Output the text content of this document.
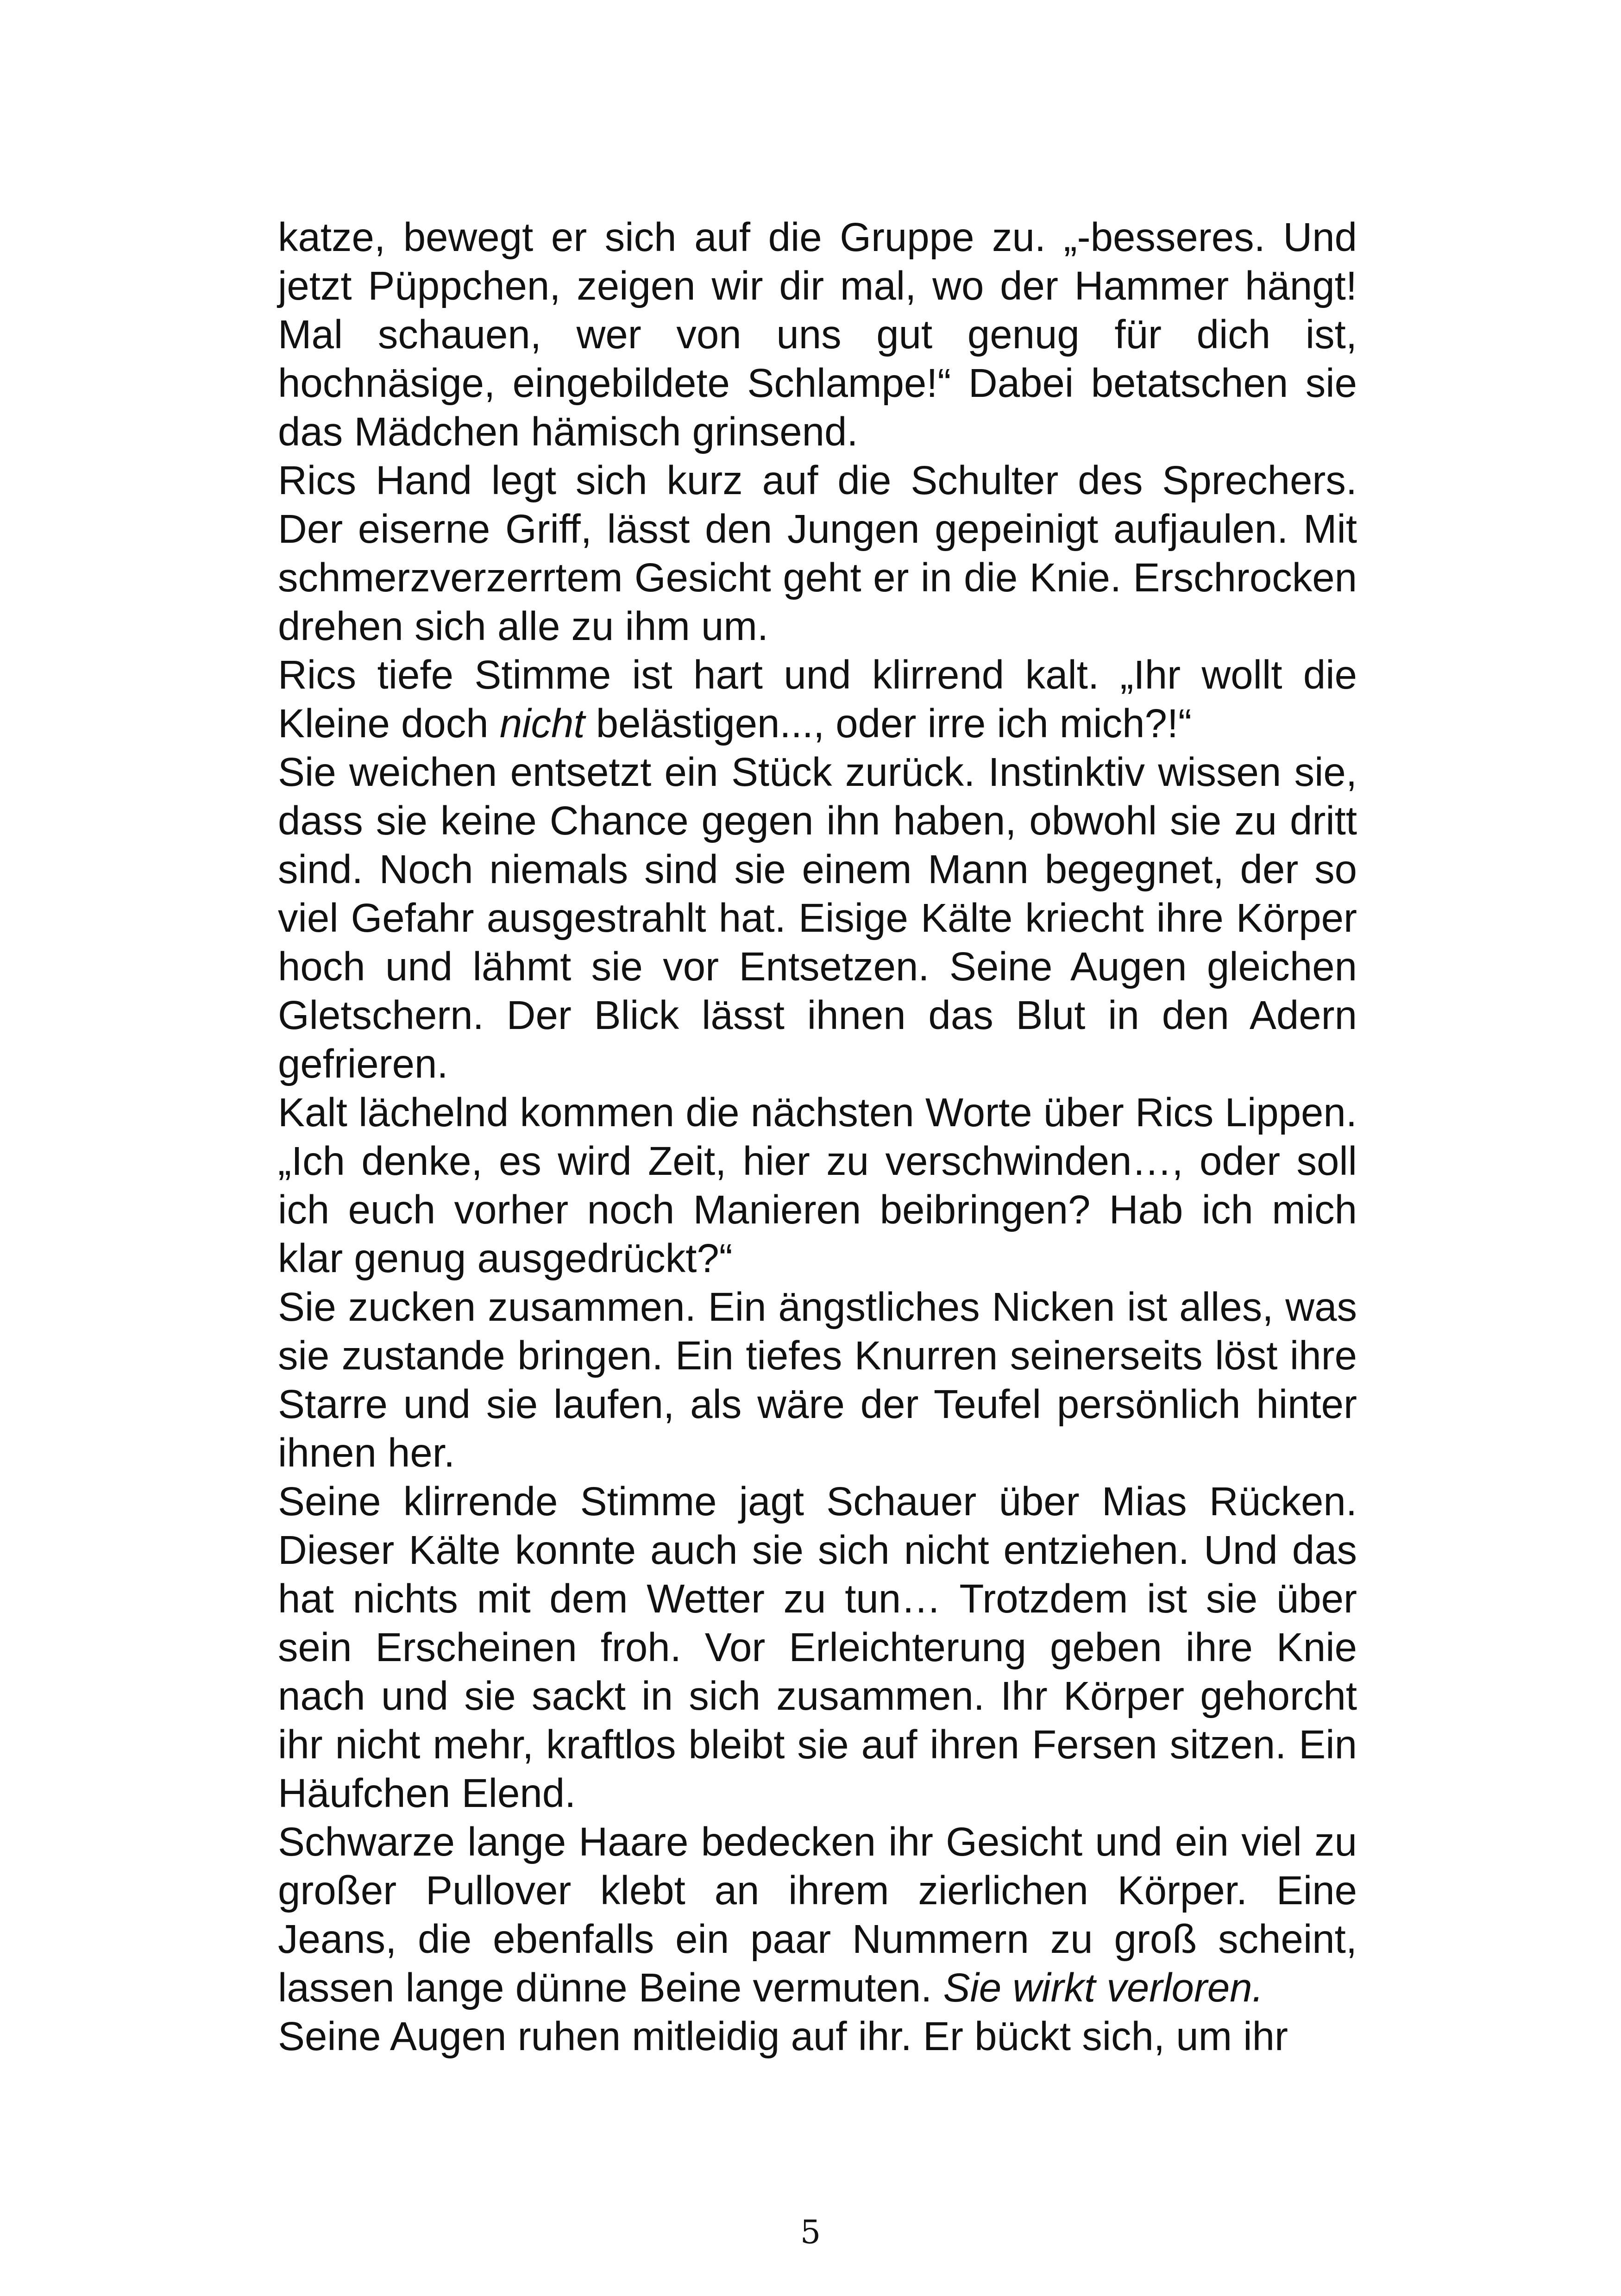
katze, bewegt er sich auf die Gruppe zu. „-besseres. Und jetzt Püppchen, zeigen wir dir mal, wo der Hammer hängt! Mal schauen, wer von uns gut genug für dich ist, hochnäsige, eingebildete Schlampe!“ Dabei betatschen sie das Mädchen hämisch grinsend.

Rics Hand legt sich kurz auf die Schulter des Sprechers. Der eiserne Griff, lässt den Jungen gepeinigt aufjaulen. Mit schmerzverzerrtem Gesicht geht er in die Knie. Erschrocken drehen sich alle zu ihm um.

Rics tiefe Stimme ist hart und klirrend kalt. „Ihr wollt die Kleine doch nicht belästigen..., oder irre ich mich?!“

Sie weichen entsetzt ein Stück zurück. Instinktiv wissen sie, dass sie keine Chance gegen ihn haben, obwohl sie zu dritt sind. Noch niemals sind sie einem Mann begegnet, der so viel Gefahr ausgestrahlt hat. Eisige Kälte kriecht ihre Körper hoch und lähmt sie vor Entsetzen. Seine Augen gleichen Gletschern. Der Blick lässt ihnen das Blut in den Adern gefrieren.

Kalt lächelnd kommen die nächsten Worte über Rics Lippen. „Ich denke, es wird Zeit, hier zu verschwinden…, oder soll ich euch vorher noch Manieren beibringen? Hab ich mich klar genug ausgedrückt?“

Sie zucken zusammen. Ein ängstliches Nicken ist alles, was sie zustande bringen. Ein tiefes Knurren seinerseits löst ihre Starre und sie laufen, als wäre der Teufel persönlich hinter ihnen her.

Seine klirrende Stimme jagt Schauer über Mias Rücken. Dieser Kälte konnte auch sie sich nicht entziehen. Und das hat nichts mit dem Wetter zu tun… Trotzdem ist sie über sein Erscheinen froh. Vor Erleichterung geben ihre Knie nach und sie sackt in sich zusammen. Ihr Körper gehorcht ihr nicht mehr, kraftlos bleibt sie auf ihren Fersen sitzen. Ein Häufchen Elend.

Schwarze lange Haare bedecken ihr Gesicht und ein viel zu großer Pullover klebt an ihrem zierlichen Körper. Eine Jeans, die ebenfalls ein paar Nummern zu groß scheint, lassen lange dünne Beine vermuten. Sie wirkt verloren.

Seine Augen ruhen mitleidig auf ihr. Er bückt sich, um ihr

5
